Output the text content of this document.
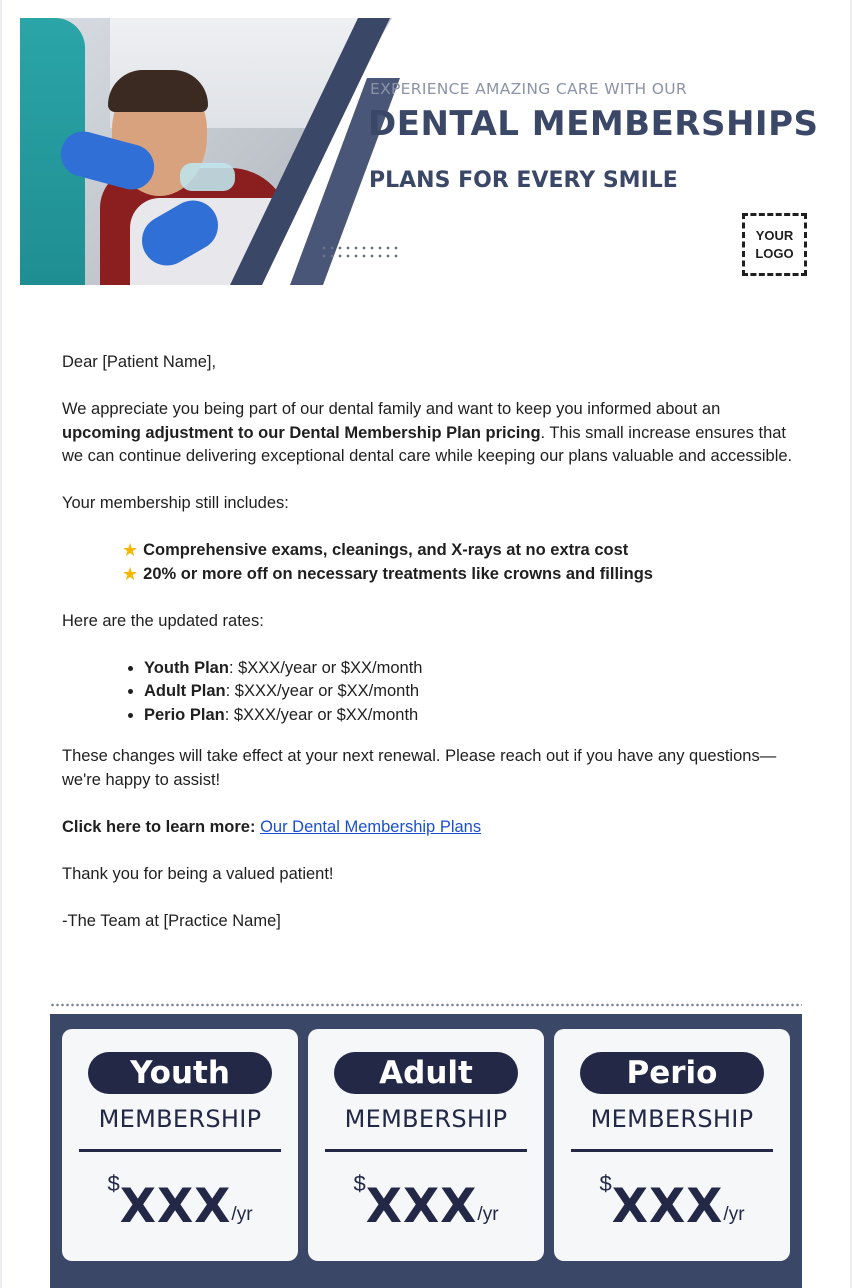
EXPERIENCE AMAZING CARE WITH OUR
DENTAL MEMBERSHIPS
PLANS FOR EVERY SMILE
YOUR
LOGO

Dear [Patient Name],

We appreciate you being part of our dental family and want to keep you informed about an upcoming adjustment to our Dental Membership Plan pricing. This small increase ensures that we can continue delivering exceptional dental care while keeping our plans valuable and accessible.

Your membership still includes:

★ Comprehensive exams, cleanings, and X-rays at no extra cost
★ 20% or more off on necessary treatments like crowns and fillings

Here are the updated rates:

• Youth Plan: $XXX/year or $XX/month
• Adult Plan: $XXX/year or $XX/month
• Perio Plan: $XXX/year or $XX/month

These changes will take effect at your next renewal. Please reach out if you have any questions—we're happy to assist!

Click here to learn more: Our Dental Membership Plans

Thank you for being a valued patient!

-The Team at [Practice Name]

Youth
MEMBERSHIP
$XXX/yr
Adult
MEMBERSHIP
$XXX/yr
Perio
MEMBERSHIP
$XXX/yr
